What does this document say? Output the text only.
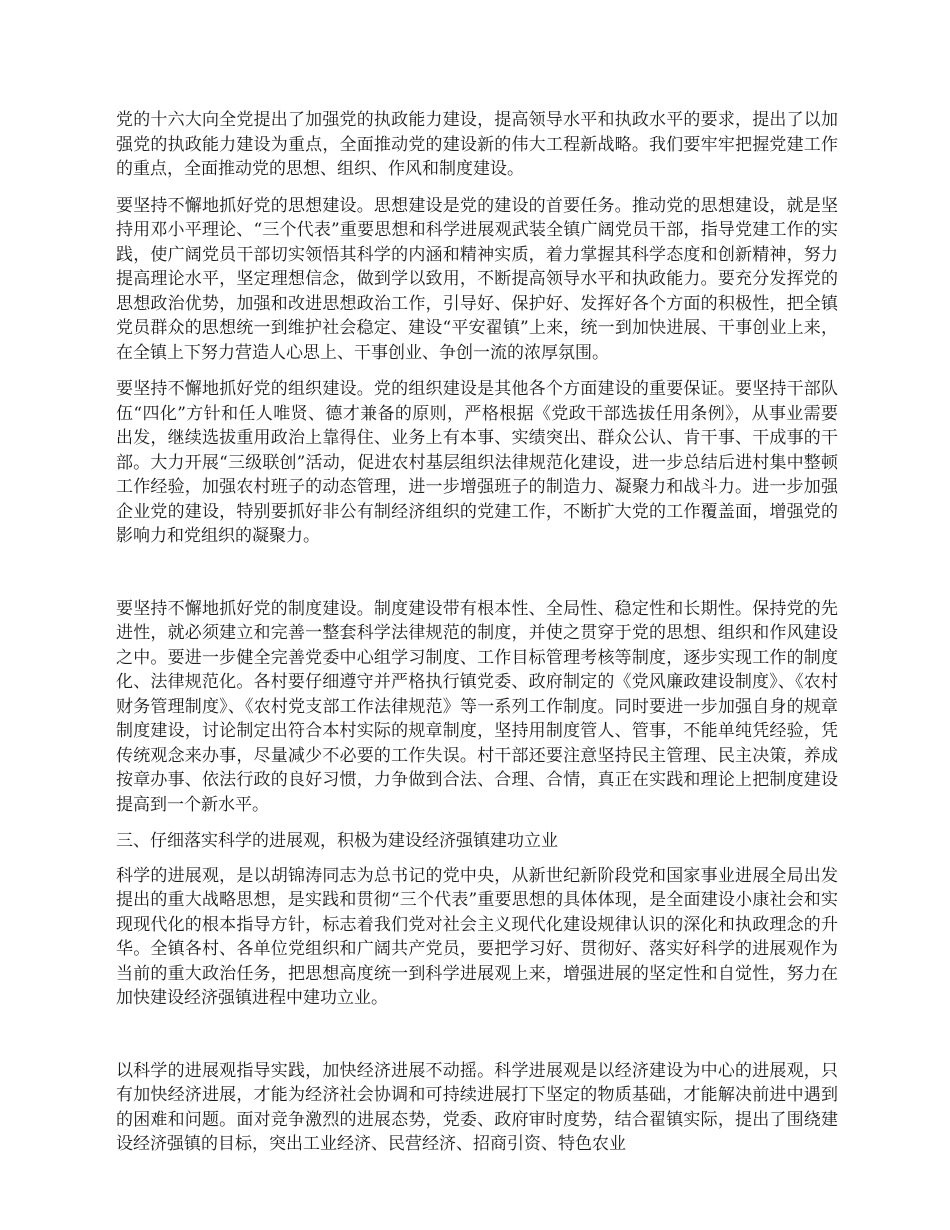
党的十六大向全党提出了加强党的执政能力建设，提高领导水平和执政水平的要求，提出了以加强党的执政能力建设为重点，全面推动党的建设新的伟大工程新战略。我们要牢牢把握党建工作的重点，全面推动党的思想、组织、作风和制度建设。

要坚持不懈地抓好党的思想建设。思想建设是党的建设的首要任务。推动党的思想建设，就是坚持用邓小平理论、“三个代表”重要思想和科学进展观武装全镇广阔党员干部，指导党建工作的实践，使广阔党员干部切实领悟其科学的内涵和精神实质，着力掌握其科学态度和创新精神，努力提高理论水平，坚定理想信念，做到学以致用，不断提高领导水平和执政能力。要充分发挥党的思想政治优势，加强和改进思想政治工作，引导好、保护好、发挥好各个方面的积极性，把全镇党员群众的思想统一到维护社会稳定、建设“平安翟镇”上来，统一到加快进展、干事创业上来，在全镇上下努力营造人心思上、干事创业、争创一流的浓厚氛围。

要坚持不懈地抓好党的组织建设。党的组织建设是其他各个方面建设的重要保证。要坚持干部队伍“四化”方针和任人唯贤、德才兼备的原则，严格根据《党政干部选拔任用条例》，从事业需要出发，继续选拔重用政治上靠得住、业务上有本事、实绩突出、群众公认、肯干事、干成事的干部。大力开展“三级联创”活动，促进农村基层组织法律规范化建设，进一步总结后进村集中整顿工作经验，加强农村班子的动态管理，进一步增强班子的制造力、凝聚力和战斗力。进一步加强企业党的建设，特别要抓好非公有制经济组织的党建工作，不断扩大党的工作覆盖面，增强党的影响力和党组织的凝聚力。

要坚持不懈地抓好党的制度建设。制度建设带有根本性、全局性、稳定性和长期性。保持党的先进性，就必须建立和完善一整套科学法律规范的制度，并使之贯穿于党的思想、组织和作风建设之中。要进一步健全完善党委中心组学习制度、工作目标管理考核等制度，逐步实现工作的制度化、法律规范化。各村要仔细遵守并严格执行镇党委、政府制定的《党风廉政建设制度》、《农村财务管理制度》、《农村党支部工作法律规范》等一系列工作制度。同时要进一步加强自身的规章制度建设，讨论制定出符合本村实际的规章制度，坚持用制度管人、管事，不能单纯凭经验，凭传统观念来办事，尽量减少不必要的工作失误。村干部还要注意坚持民主管理、民主决策，养成按章办事、依法行政的良好习惯，力争做到合法、合理、合情，真正在实践和理论上把制度建设提高到一个新水平。

三、仔细落实科学的进展观，积极为建设经济强镇建功立业

科学的进展观，是以胡锦涛同志为总书记的党中央，从新世纪新阶段党和国家事业进展全局出发提出的重大战略思想，是实践和贯彻“三个代表”重要思想的具体体现，是全面建设小康社会和实现现代化的根本指导方针，标志着我们党对社会主义现代化建设规律认识的深化和执政理念的升华。全镇各村、各单位党组织和广阔共产党员，要把学习好、贯彻好、落实好科学的进展观作为当前的重大政治任务，把思想高度统一到科学进展观上来，增强进展的坚定性和自觉性，努力在加快建设经济强镇进程中建功立业。

以科学的进展观指导实践，加快经济进展不动摇。科学进展观是以经济建设为中心的进展观，只有加快经济进展，才能为经济社会协调和可持续进展打下坚定的物质基础，才能解决前进中遇到的困难和问题。面对竞争激烈的进展态势，党委、政府审时度势，结合翟镇实际，提出了围绕建设经济强镇的目标，突出工业经济、民营经济、招商引资、特色农业
